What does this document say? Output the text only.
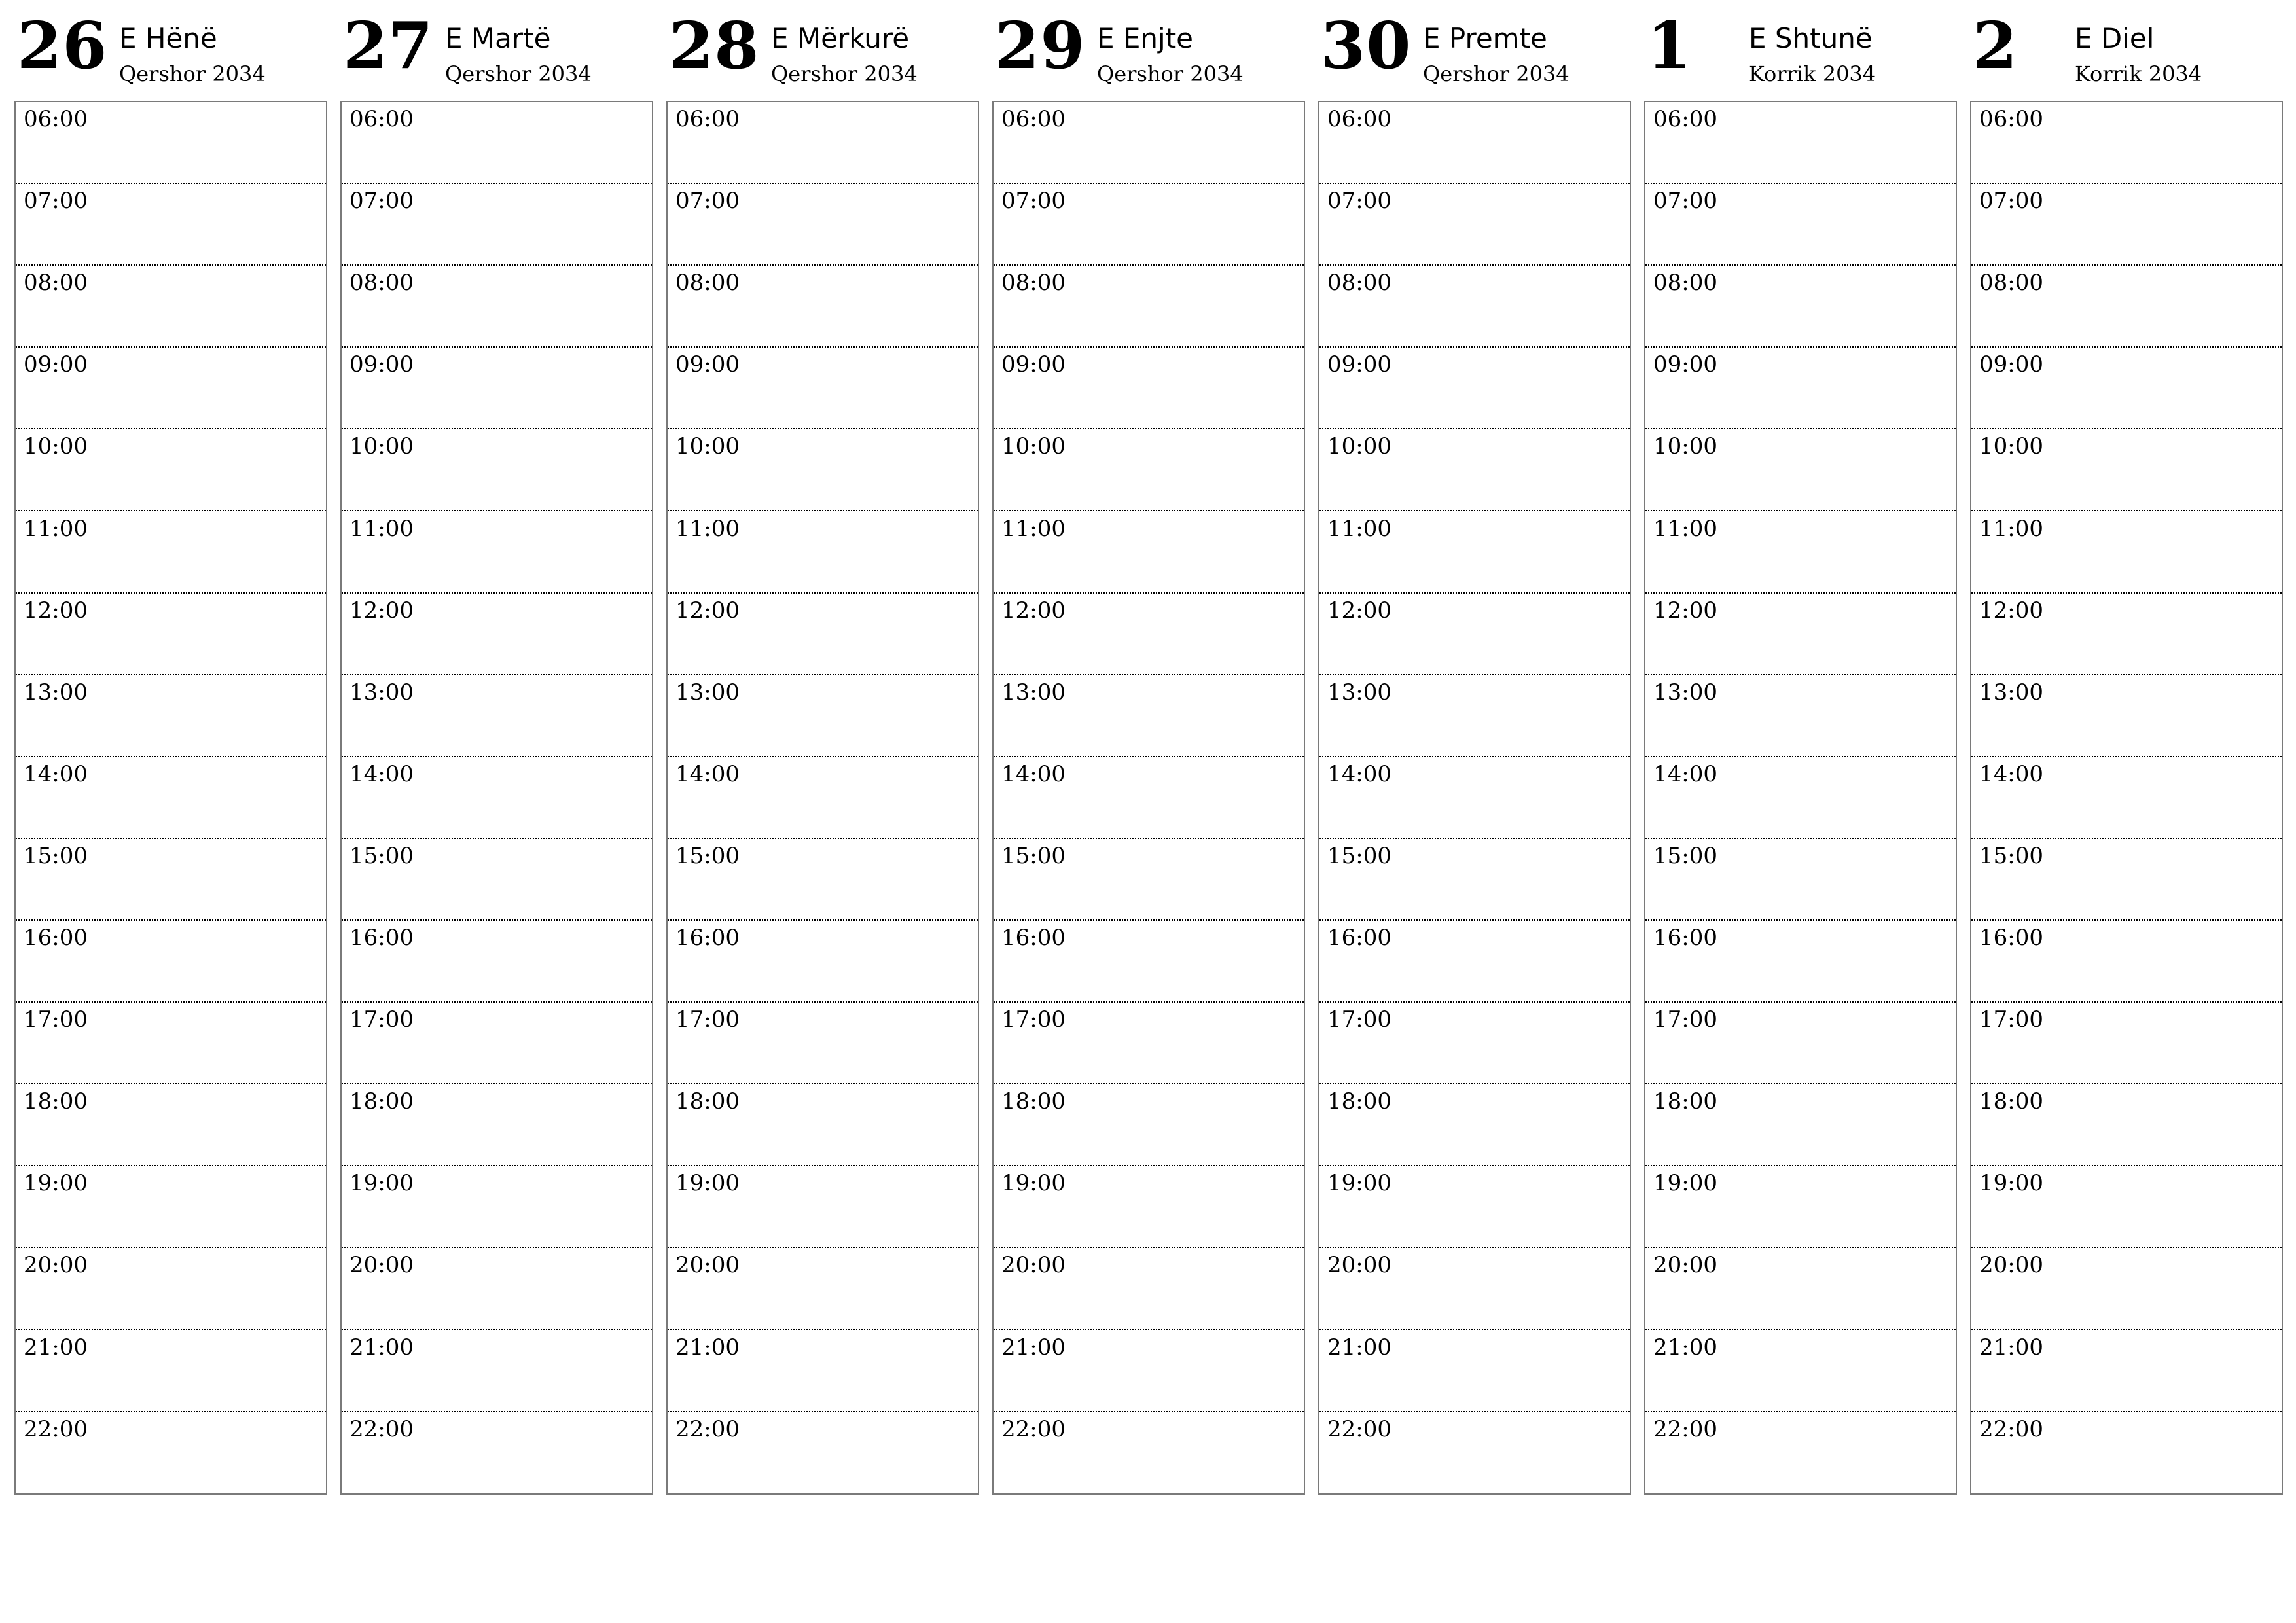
26 E Hënë
Qershor 2034
06:00
07:00
08:00
09:00
10:00
11:00
12:00
13:00
14:00
15:00
16:00
17:00
18:00
19:00
20:00
21:00
22:00
27 E Martë
Qershor 2034
06:00
07:00
08:00
09:00
10:00
11:00
12:00
13:00
14:00
15:00
16:00
17:00
18:00
19:00
20:00
21:00
22:00
28 E Mërkurë
Qershor 2034
06:00
07:00
08:00
09:00
10:00
11:00
12:00
13:00
14:00
15:00
16:00
17:00
18:00
19:00
20:00
21:00
22:00
29 E Enjte
Qershor 2034
06:00
07:00
08:00
09:00
10:00
11:00
12:00
13:00
14:00
15:00
16:00
17:00
18:00
19:00
20:00
21:00
22:00
30 E Premte
Qershor 2034
06:00
07:00
08:00
09:00
10:00
11:00
12:00
13:00
14:00
15:00
16:00
17:00
18:00
19:00
20:00
21:00
22:00
1 E Shtunë
Korrik 2034
06:00
07:00
08:00
09:00
10:00
11:00
12:00
13:00
14:00
15:00
16:00
17:00
18:00
19:00
20:00
21:00
22:00
2 E Diel
Korrik 2034
06:00
07:00
08:00
09:00
10:00
11:00
12:00
13:00
14:00
15:00
16:00
17:00
18:00
19:00
20:00
21:00
22:00
